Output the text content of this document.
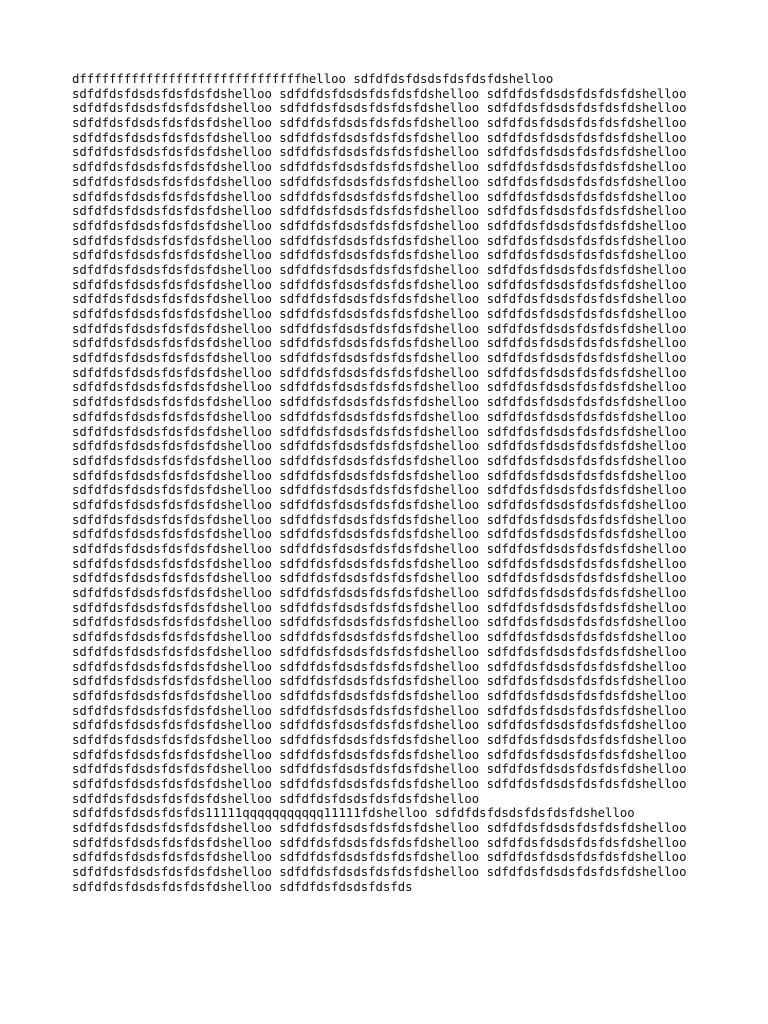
dffffffffffffffffffffffffffffffhelloo sdfdfdsfdsdsfdsfdsfdshelloo
sdfdfdsfdsdsfdsfdsfdshelloo sdfdfdsfdsdsfdsfdsfdshelloo sdfdfdsfdsdsfdsfdsfdshelloo
sdfdfdsfdsdsfdsfdsfdshelloo sdfdfdsfdsdsfdsfdsfdshelloo sdfdfdsfdsdsfdsfdsfdshelloo
sdfdfdsfdsdsfdsfdsfdshelloo sdfdfdsfdsdsfdsfdsfdshelloo sdfdfdsfdsdsfdsfdsfdshelloo
sdfdfdsfdsdsfdsfdsfdshelloo sdfdfdsfdsdsfdsfdsfdshelloo sdfdfdsfdsdsfdsfdsfdshelloo
sdfdfdsfdsdsfdsfdsfdshelloo sdfdfdsfdsdsfdsfdsfdshelloo sdfdfdsfdsdsfdsfdsfdshelloo
sdfdfdsfdsdsfdsfdsfdshelloo sdfdfdsfdsdsfdsfdsfdshelloo sdfdfdsfdsdsfdsfdsfdshelloo
sdfdfdsfdsdsfdsfdsfdshelloo sdfdfdsfdsdsfdsfdsfdshelloo sdfdfdsfdsdsfdsfdsfdshelloo
sdfdfdsfdsdsfdsfdsfdshelloo sdfdfdsfdsdsfdsfdsfdshelloo sdfdfdsfdsdsfdsfdsfdshelloo
sdfdfdsfdsdsfdsfdsfdshelloo sdfdfdsfdsdsfdsfdsfdshelloo sdfdfdsfdsdsfdsfdsfdshelloo
sdfdfdsfdsdsfdsfdsfdshelloo sdfdfdsfdsdsfdsfdsfdshelloo sdfdfdsfdsdsfdsfdsfdshelloo
sdfdfdsfdsdsfdsfdsfdshelloo sdfdfdsfdsdsfdsfdsfdshelloo sdfdfdsfdsdsfdsfdsfdshelloo
sdfdfdsfdsdsfdsfdsfdshelloo sdfdfdsfdsdsfdsfdsfdshelloo sdfdfdsfdsdsfdsfdsfdshelloo
sdfdfdsfdsdsfdsfdsfdshelloo sdfdfdsfdsdsfdsfdsfdshelloo sdfdfdsfdsdsfdsfdsfdshelloo
sdfdfdsfdsdsfdsfdsfdshelloo sdfdfdsfdsdsfdsfdsfdshelloo sdfdfdsfdsdsfdsfdsfdshelloo
sdfdfdsfdsdsfdsfdsfdshelloo sdfdfdsfdsdsfdsfdsfdshelloo sdfdfdsfdsdsfdsfdsfdshelloo
sdfdfdsfdsdsfdsfdsfdshelloo sdfdfdsfdsdsfdsfdsfdshelloo sdfdfdsfdsdsfdsfdsfdshelloo
sdfdfdsfdsdsfdsfdsfdshelloo sdfdfdsfdsdsfdsfdsfdshelloo sdfdfdsfdsdsfdsfdsfdshelloo
sdfdfdsfdsdsfdsfdsfdshelloo sdfdfdsfdsdsfdsfdsfdshelloo sdfdfdsfdsdsfdsfdsfdshelloo
sdfdfdsfdsdsfdsfdsfdshelloo sdfdfdsfdsdsfdsfdsfdshelloo sdfdfdsfdsdsfdsfdsfdshelloo
sdfdfdsfdsdsfdsfdsfdshelloo sdfdfdsfdsdsfdsfdsfdshelloo sdfdfdsfdsdsfdsfdsfdshelloo
sdfdfdsfdsdsfdsfdsfdshelloo sdfdfdsfdsdsfdsfdsfdshelloo sdfdfdsfdsdsfdsfdsfdshelloo
sdfdfdsfdsdsfdsfdsfdshelloo sdfdfdsfdsdsfdsfdsfdshelloo sdfdfdsfdsdsfdsfdsfdshelloo
sdfdfdsfdsdsfdsfdsfdshelloo sdfdfdsfdsdsfdsfdsfdshelloo sdfdfdsfdsdsfdsfdsfdshelloo
sdfdfdsfdsdsfdsfdsfdshelloo sdfdfdsfdsdsfdsfdsfdshelloo sdfdfdsfdsdsfdsfdsfdshelloo
sdfdfdsfdsdsfdsfdsfdshelloo sdfdfdsfdsdsfdsfdsfdshelloo sdfdfdsfdsdsfdsfdsfdshelloo
sdfdfdsfdsdsfdsfdsfdshelloo sdfdfdsfdsdsfdsfdsfdshelloo sdfdfdsfdsdsfdsfdsfdshelloo
sdfdfdsfdsdsfdsfdsfdshelloo sdfdfdsfdsdsfdsfdsfdshelloo sdfdfdsfdsdsfdsfdsfdshelloo
sdfdfdsfdsdsfdsfdsfdshelloo sdfdfdsfdsdsfdsfdsfdshelloo sdfdfdsfdsdsfdsfdsfdshelloo
sdfdfdsfdsdsfdsfdsfdshelloo sdfdfdsfdsdsfdsfdsfdshelloo sdfdfdsfdsdsfdsfdsfdshelloo
sdfdfdsfdsdsfdsfdsfdshelloo sdfdfdsfdsdsfdsfdsfdshelloo sdfdfdsfdsdsfdsfdsfdshelloo
sdfdfdsfdsdsfdsfdsfdshelloo sdfdfdsfdsdsfdsfdsfdshelloo sdfdfdsfdsdsfdsfdsfdshelloo
sdfdfdsfdsdsfdsfdsfdshelloo sdfdfdsfdsdsfdsfdsfdshelloo sdfdfdsfdsdsfdsfdsfdshelloo
sdfdfdsfdsdsfdsfdsfdshelloo sdfdfdsfdsdsfdsfdsfdshelloo sdfdfdsfdsdsfdsfdsfdshelloo
sdfdfdsfdsdsfdsfdsfdshelloo sdfdfdsfdsdsfdsfdsfdshelloo sdfdfdsfdsdsfdsfdsfdshelloo
sdfdfdsfdsdsfdsfdsfdshelloo sdfdfdsfdsdsfdsfdsfdshelloo sdfdfdsfdsdsfdsfdsfdshelloo
sdfdfdsfdsdsfdsfdsfdshelloo sdfdfdsfdsdsfdsfdsfdshelloo sdfdfdsfdsdsfdsfdsfdshelloo
sdfdfdsfdsdsfdsfdsfdshelloo sdfdfdsfdsdsfdsfdsfdshelloo sdfdfdsfdsdsfdsfdsfdshelloo
sdfdfdsfdsdsfdsfdsfdshelloo sdfdfdsfdsdsfdsfdsfdshelloo sdfdfdsfdsdsfdsfdsfdshelloo
sdfdfdsfdsdsfdsfdsfdshelloo sdfdfdsfdsdsfdsfdsfdshelloo sdfdfdsfdsdsfdsfdsfdshelloo
sdfdfdsfdsdsfdsfdsfdshelloo sdfdfdsfdsdsfdsfdsfdshelloo sdfdfdsfdsdsfdsfdsfdshelloo
sdfdfdsfdsdsfdsfdsfdshelloo sdfdfdsfdsdsfdsfdsfdshelloo sdfdfdsfdsdsfdsfdsfdshelloo
sdfdfdsfdsdsfdsfdsfdshelloo sdfdfdsfdsdsfdsfdsfdshelloo sdfdfdsfdsdsfdsfdsfdshelloo
sdfdfdsfdsdsfdsfdsfdshelloo sdfdfdsfdsdsfdsfdsfdshelloo sdfdfdsfdsdsfdsfdsfdshelloo
sdfdfdsfdsdsfdsfdsfdshelloo sdfdfdsfdsdsfdsfdsfdshelloo sdfdfdsfdsdsfdsfdsfdshelloo
sdfdfdsfdsdsfdsfdsfdshelloo sdfdfdsfdsdsfdsfdsfdshelloo sdfdfdsfdsdsfdsfdsfdshelloo
sdfdfdsfdsdsfdsfdsfdshelloo sdfdfdsfdsdsfdsfdsfdshelloo sdfdfdsfdsdsfdsfdsfdshelloo
sdfdfdsfdsdsfdsfdsfdshelloo sdfdfdsfdsdsfdsfdsfdshelloo sdfdfdsfdsdsfdsfdsfdshelloo
sdfdfdsfdsdsfdsfdsfdshelloo sdfdfdsfdsdsfdsfdsfdshelloo sdfdfdsfdsdsfdsfdsfdshelloo
sdfdfdsfdsdsfdsfdsfdshelloo sdfdfdsfdsdsfdsfdsfdshelloo
sdfdfdsfdsdsfdsfds11111qqqqqqqqqqq11111fdshelloo sdfdfdsfdsdsfdsfdsfdshelloo
sdfdfdsfdsdsfdsfdsfdshelloo sdfdfdsfdsdsfdsfdsfdshelloo sdfdfdsfdsdsfdsfdsfdshelloo
sdfdfdsfdsdsfdsfdsfdshelloo sdfdfdsfdsdsfdsfdsfdshelloo sdfdfdsfdsdsfdsfdsfdshelloo
sdfdfdsfdsdsfdsfdsfdshelloo sdfdfdsfdsdsfdsfdsfdshelloo sdfdfdsfdsdsfdsfdsfdshelloo
sdfdfdsfdsdsfdsfdsfdshelloo sdfdfdsfdsdsfdsfdsfdshelloo sdfdfdsfdsdsfdsfdsfdshelloo
sdfdfdsfdsdsfdsfdsfdshelloo sdfdfdsfdsdsfdsfds
